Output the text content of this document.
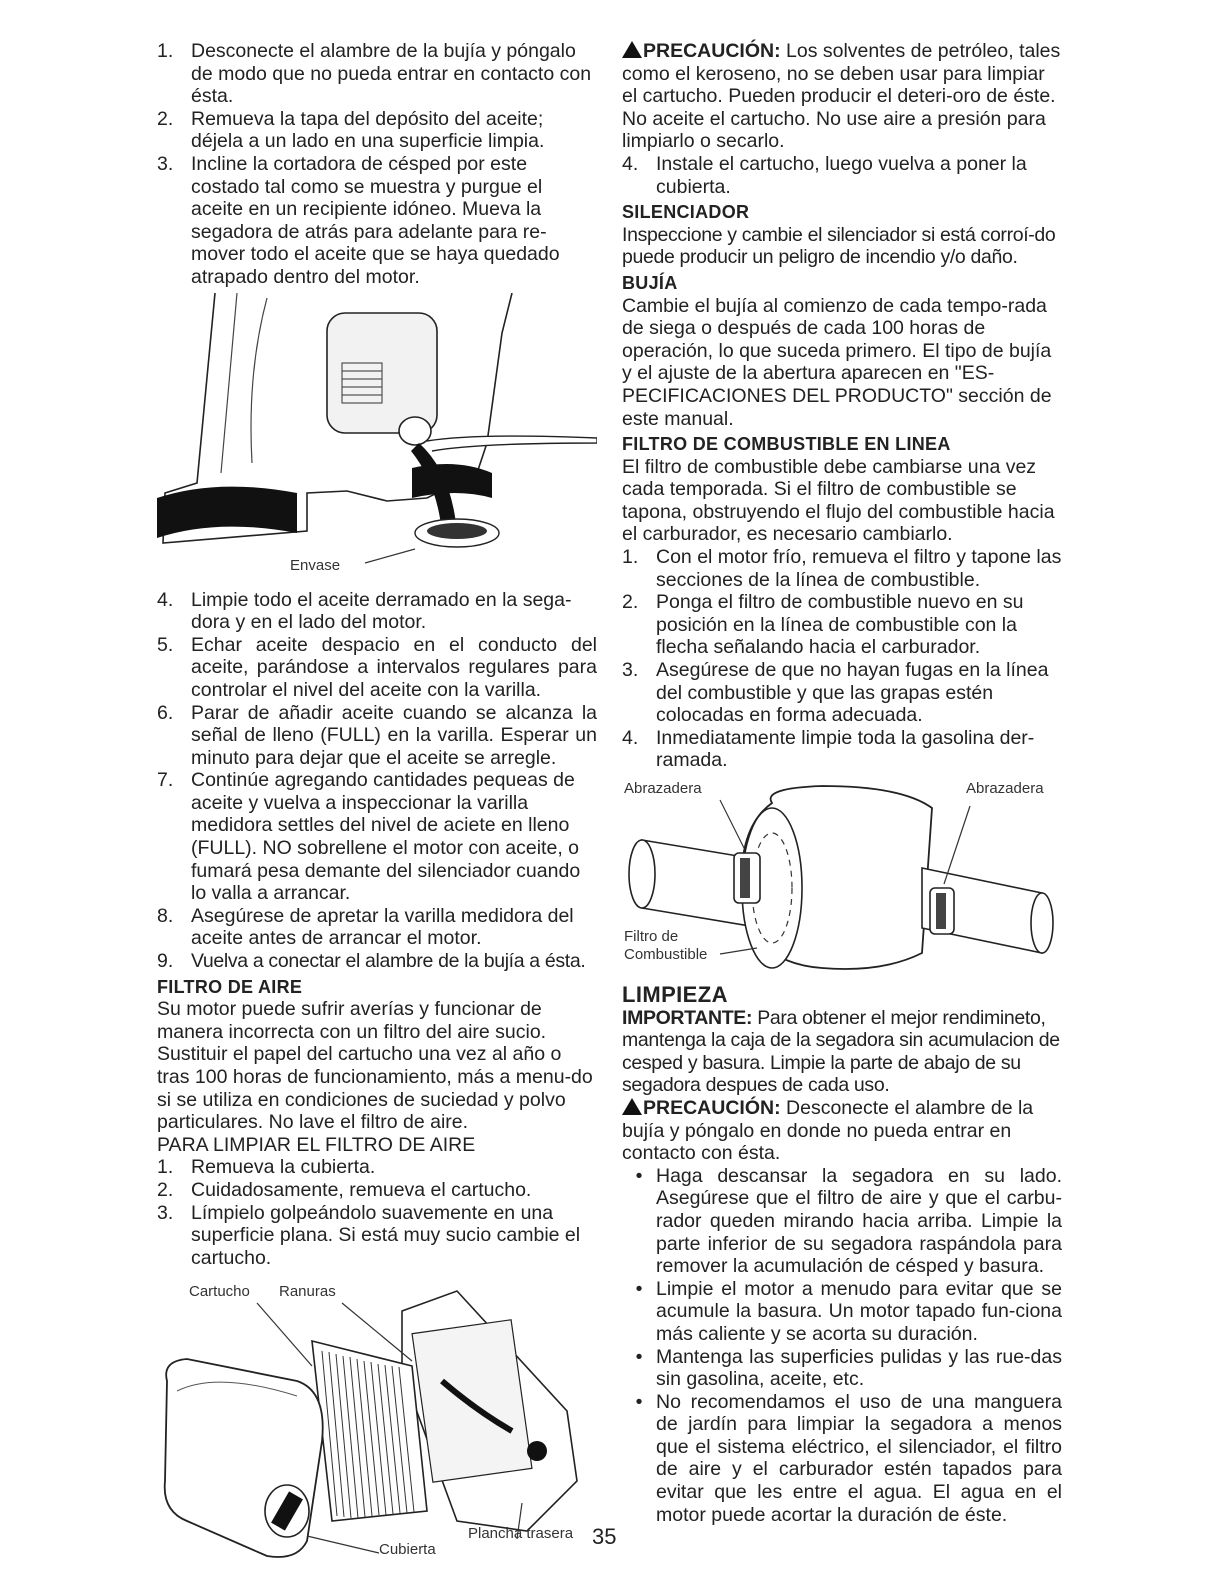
1. Desconecte el alambre de la bujía y póngalo de modo que no pueda entrar en contacto con ésta.
2. Remueva la tapa del depósito del aceite; déjela a un lado en una superficie limpia.
3. Incline la cortadora de césped por este costado tal como se muestra y purgue el aceite en un recipiente idóneo. Mueva la segadora de atrás para adelante para re-mover todo el aceite que se haya quedado atrapado dentro del motor.
Envase
4. Limpie todo el aceite derramado en la sega-dora y en el lado del motor.
5. Echar aceite despacio en el conducto del aceite, parándose a intervalos regulares para controlar el nivel del aceite con la varilla.
6. Parar de añadir aceite cuando se alcanza la señal de lleno (FULL) en la varilla. Esperar un minuto para dejar que el aceite se arregle.
7. Continúe agregando cantidades pequeas de aceite y vuelva a inspeccionar la varilla medidora settles del nivel de aciete en lleno (FULL). NO sobrellene el motor con aceite, o fumará pesa demante del silenciador cuando lo valla a arrancar.
8. Asegúrese de apretar la varilla medidora del aceite antes de arrancar el motor.
9. Vuelva a conectar el alambre de la bujía a ésta.
FILTRO DE AIRE

Su motor puede sufrir averías y funcionar de manera incorrecta con un filtro del aire sucio. Sustituir el papel del cartucho una vez al año o tras 100 horas de funcionamiento, más a menu-do si se utiliza en condiciones de suciedad y polvo particulares. No lave el filtro de aire.

PARA LIMPIAR EL FILTRO DE AIRE

1. Remueva la cubierta.
2. Cuidadosamente, remueva el cartucho.
3. Límpielo golpeándolo suavemente en una superficie plana. Si está muy sucio cambie el cartucho.
Cartucho Ranuras
Cubierta
Plancha trasera

PRECAUCIÓN: Los solventes de petróleo, tales como el keroseno, no se deben usar para limpiar el cartucho. Pueden producir el deteri-oro de éste. No aceite el cartucho. No use aire a presión para limpiarlo o secarlo.

4. Instale el cartucho, luego vuelva a poner la cubierta.
SILENCIADOR

Inspeccione y cambie el silenciador si está corroí-do puede producir un peligro de incendio y/o daño.

BUJÍA

Cambie el bujía al comienzo de cada tempo-rada de siega o después de cada 100 horas de operación, lo que suceda primero. El tipo de bujía y el ajuste de la abertura aparecen en "ES-PECIFICACIONES DEL PRODUCTO" sección de este manual.

FILTRO DE COMBUSTIBLE EN LINEA

El filtro de combustible debe cambiarse una vez cada temporada. Si el filtro de combustible se tapona, obstruyendo el flujo del combustible hacia el carburador, es necesario cambiarlo.

1. Con el motor frío, remueva el filtro y tapone las secciones de la línea de combustible.
2. Ponga el filtro de combustible nuevo en su posición en la línea de combustible con la flecha señalando hacia el carburador.
3. Asegúrese de que no hayan fugas en la línea del combustible y que las grapas estén colocadas en forma adecuada.
4. Inmediatamente limpie toda la gasolina der-ramada.
Abrazadera	Abrazadera
Filtro de
Combustible
LIMPIEZA

IMPORTANTE: Para obtener el mejor rendimineto, mantenga la caja de la segadora sin acumulacion de cesped y basura. Limpie la parte de abajo de su segadora despues de cada uso.

PRECAUCIÓN: Desconecte el alambre de la bujía y póngalo en donde no pueda entrar en contacto con ésta.

• Haga descansar la segadora en su lado. Asegúrese que el filtro de aire y que el carbu-rador queden mirando hacia arriba. Limpie la parte inferior de su segadora raspándola para remover la acumulación de césped y basura.
• Limpie el motor a menudo para evitar que se acumule la basura. Un motor tapado fun-ciona más caliente y se acorta su duración.
• Mantenga las superficies pulidas y las rue-das sin gasolina, aceite, etc.
• No recomendamos el uso de una manguera de jardín para limpiar la segadora a menos que el sistema eléctrico, el silenciador, el filtro de aire y el carburador estén tapados para evitar que les entre el agua. El agua en el motor puede acortar la duración de éste.
35
